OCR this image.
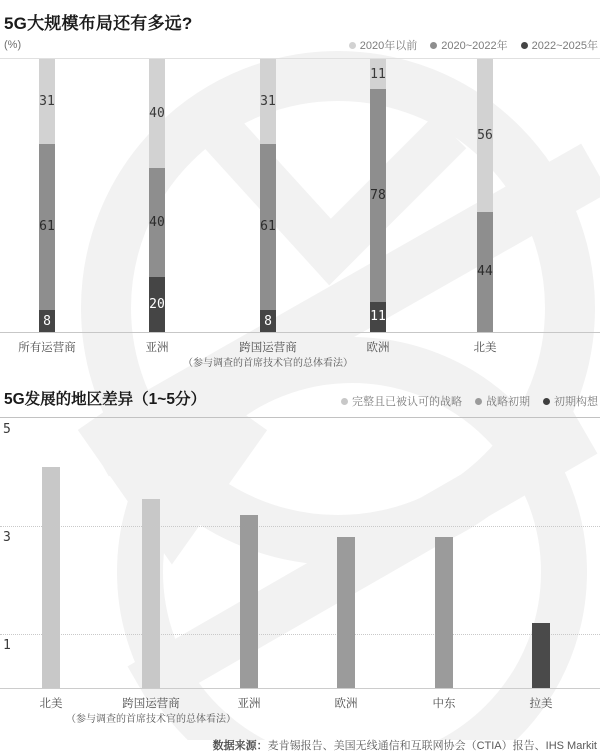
5G大规模布局还有多远?
(%)	2020年以前 2020~2022年 2022~2025年
31
61
8
40
40
20
31
61
8
11
78
11
56
44
所有运营商	亚洲	跨国运营商	欧洲	北美
（参与调查的首席技术官的总体看法）
5G发展的地区差异（1~5分）	完整且已被认可的战略 战略初期 初期构想
5
3
1
北美	跨国运营商	亚洲	欧洲	中东	拉美
（参与调查的首席技术官的总体看法）
数据来源：麦肯锡报告、美国无线通信和互联网协会（CTIA）报告、IHS Markit
